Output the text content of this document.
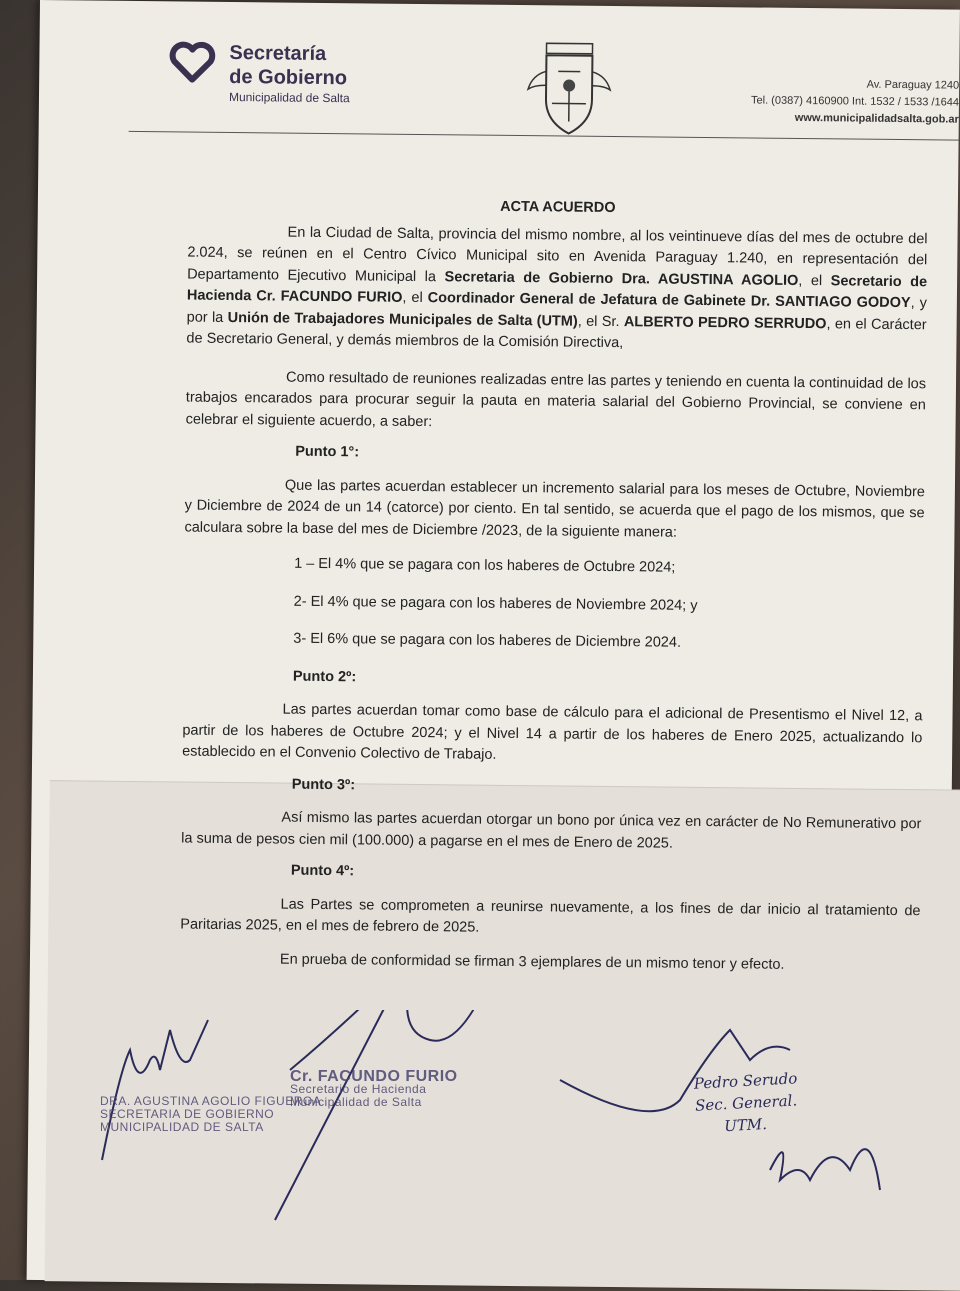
Secretaría
de Gobierno
Municipalidad de Salta
Av. Paraguay 1240
Tel. (0387) 4160900 Int. 1532 / 1533 /1644
www.municipalidadsalta.gob.ar
ACTA ACUERDO

En la Ciudad de Salta, provincia del mismo nombre, al los veintinueve días del mes de octubre del 2.024, se reúnen en el Centro Cívico Municipal sito en Avenida Paraguay 1.240, en representación del Departamento Ejecutivo Municipal la Secretaria de Gobierno Dra. AGUSTINA AGOLIO, el Secretario de Hacienda Cr. FACUNDO FURIO, el Coordinador General de Jefatura de Gabinete Dr. SANTIAGO GODOY, y por la Unión de Trabajadores Municipales de Salta (UTM), el Sr. ALBERTO PEDRO SERRUDO, en el Carácter de Secretario General, y demás miembros de la Comisión Directiva,

Como resultado de reuniones realizadas entre las partes y teniendo en cuenta la continuidad de los trabajos encarados para procurar seguir la pauta en materia salarial del Gobierno Provincial, se conviene en celebrar el siguiente acuerdo, a saber:

Punto 1°:

Que las partes acuerdan establecer un incremento salarial para los meses de Octubre, Noviembre y Diciembre de 2024 de un 14 (catorce) por ciento. En tal sentido, se acuerda que el pago de los mismos, que se calculara sobre la base del mes de Diciembre /2023, de la siguiente manera:

1 – El 4% que se pagara con los haberes de Octubre 2024;
2- El 4% que se pagara con los haberes de Noviembre 2024; y
3- El 6% que se pagara con los haberes de Diciembre 2024.
Punto 2º:

Las partes acuerdan tomar como base de cálculo para el adicional de Presentismo el Nivel 12, a partir de los haberes de Octubre 2024; y el Nivel 14 a partir de los haberes de Enero 2025, actualizando lo establecido en el Convenio Colectivo de Trabajo.

Punto 3º:

Así mismo las partes acuerdan otorgar un bono por única vez en carácter de No Remunerativo por la suma de pesos cien mil (100.000) a pagarse en el mes de Enero de 2025.

Punto 4º:

Las Partes se comprometen a reunirse nuevamente, a los fines de dar inicio al tratamiento de Paritarias 2025, en el mes de febrero de 2025.

En prueba de conformidad se firman 3 ejemplares de un mismo tenor y efecto.

DRA. AGUSTINA AGOLIO FIGUEROA
SECRETARIA DE GOBIERNO
MUNICIPALIDAD DE SALTA
Cr. FACUNDO FURIO
Secretario de Hacienda
Municipalidad de Salta
Pedro Serudo
Sec. General.
UTM.
